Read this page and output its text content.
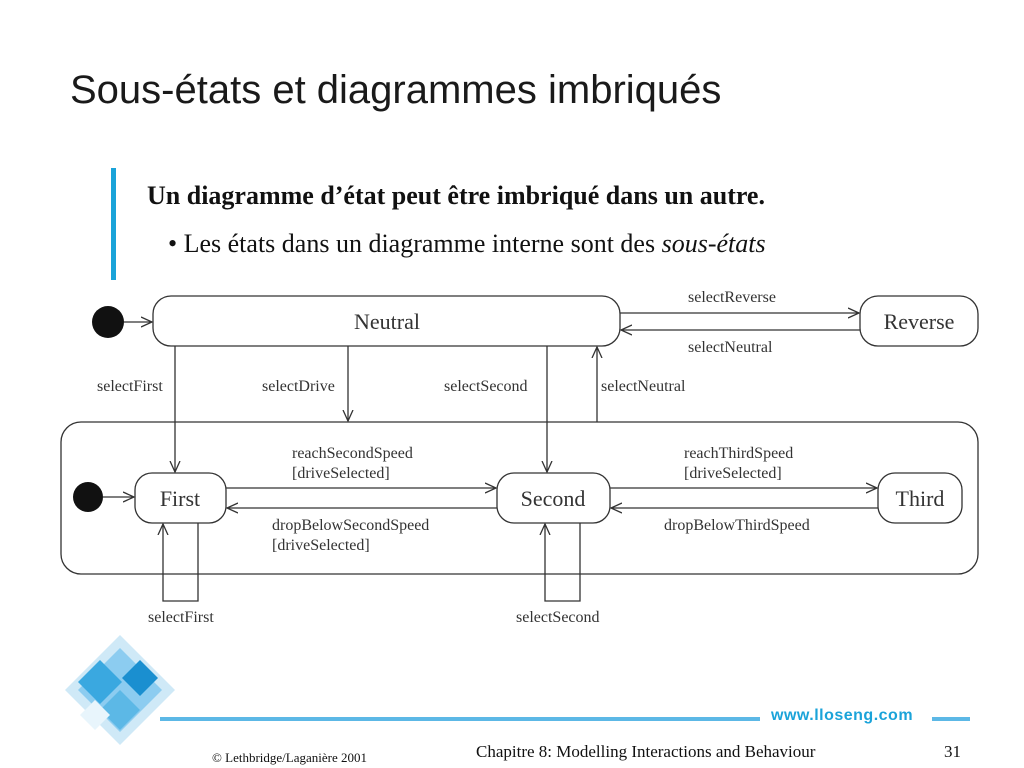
Sous-états et diagrammes imbriqués
Un diagramme d’état peut être imbriqué dans un autre.
• Les états dans un diagramme interne sont des sous-états
Neutral	Reverse
First	Second	Third
selectReverse
selectNeutral
selectFirst	selectDrive	selectSecond	selectNeutral
reachSecondSpeed
[driveSelected]
dropBelowSecondSpeed
[driveSelected]
reachThirdSpeed
[driveSelected]
dropBelowThirdSpeed
selectFirst	selectSecond
www.lloseng.com
© Lethbridge/Laganière 2001	Chapitre 8: Modelling Interactions and Behaviour	31
